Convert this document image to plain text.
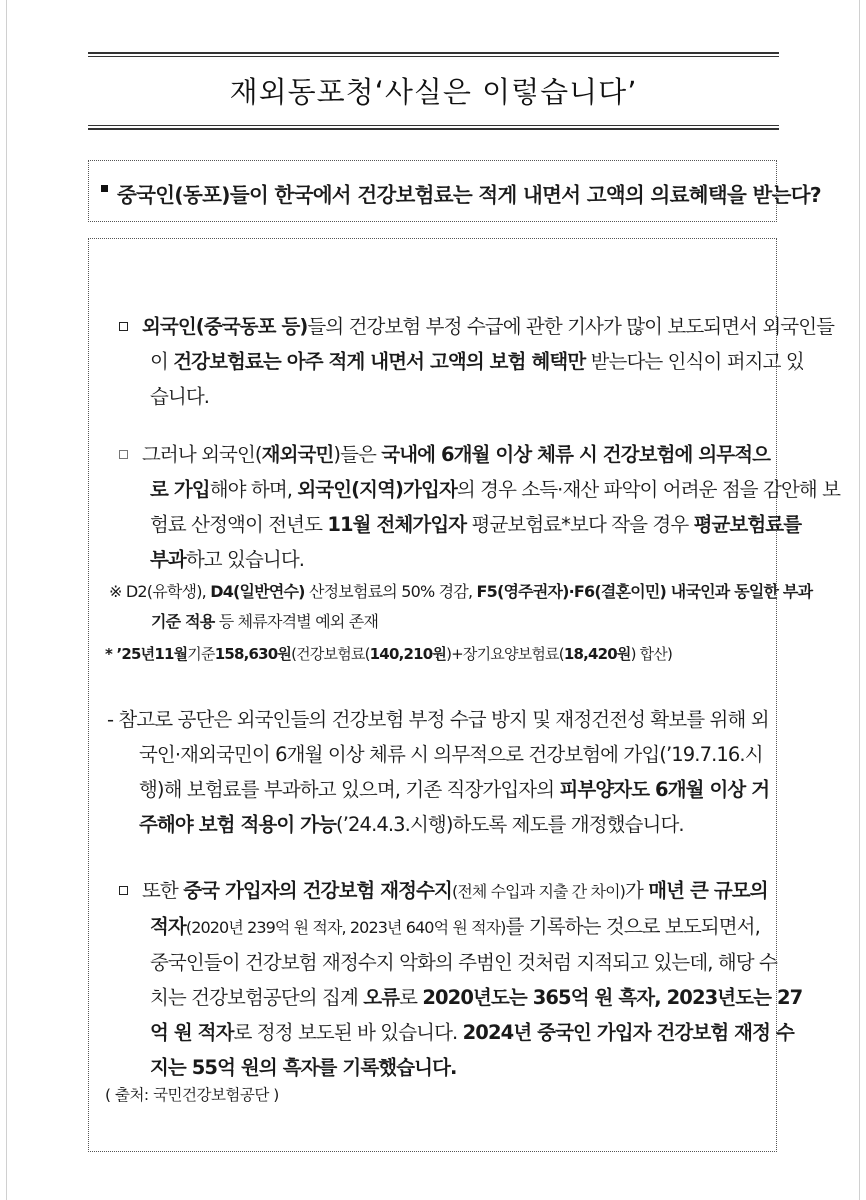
재외동포청‘사실은 이렇습니다’
중국인(동포)들이 한국에서 건강보험료는 적게 내면서 고액의 의료혜택을 받는다?
외국인(중국동포 등)들의 건강보험 부정 수급에 관한 기사가 많이 보도되면서 외국인들
이 건강보험료는 아주 적게 내면서 고액의 보험 혜택만 받는다는 인식이 퍼지고 있
습니다.
그러나 외국인(재외국민)들은 국내에 6개월 이상 체류 시 건강보험에 의무적으
로 가입해야 하며, 외국인(지역)가입자의 경우 소득·재산 파악이 어려운 점을 감안해 보
험료 산정액이 전년도 11월 전체가입자 평균보험료*보다 작을 경우 평균보험료를
부과하고 있습니다.
※ D2(유학생), D4(일반연수) 산정보험료의 50% 경감, F5(영주권자)·F6(결혼이민) 내국인과 동일한 부과
기준 적용 등 체류자격별 예외 존재
* ’25년11월기준158,630원(건강보험료(140,210원)+장기요양보험료(18,420원) 합산)
- 참고로 공단은 외국인들의 건강보험 부정 수급 방지 및 재정건전성 확보를 위해 외
국인·재외국민이 6개월 이상 체류 시 의무적으로 건강보험에 가입(’19.7.16.시
행)해 보험료를 부과하고 있으며, 기존 직장가입자의 피부양자도 6개월 이상 거
주해야 보험 적용이 가능(’24.4.3.시행)하도록 제도를 개정했습니다.
또한 중국 가입자의 건강보험 재정수지(전체 수입과 지출 간 차이)가 매년 큰 규모의
적자(2020년 239억 원 적자, 2023년 640억 원 적자)를 기록하는 것으로 보도되면서,
중국인들이 건강보험 재정수지 악화의 주범인 것처럼 지적되고 있는데, 해당 수
치는 건강보험공단의 집계 오류로 2020년도는 365억 원 흑자, 2023년도는 27
억 원 적자로 정정 보도된 바 있습니다. 2024년 중국인 가입자 건강보험 재정 수
지는 55억 원의 흑자를 기록했습니다.
( 출처: 국민건강보험공단 )
